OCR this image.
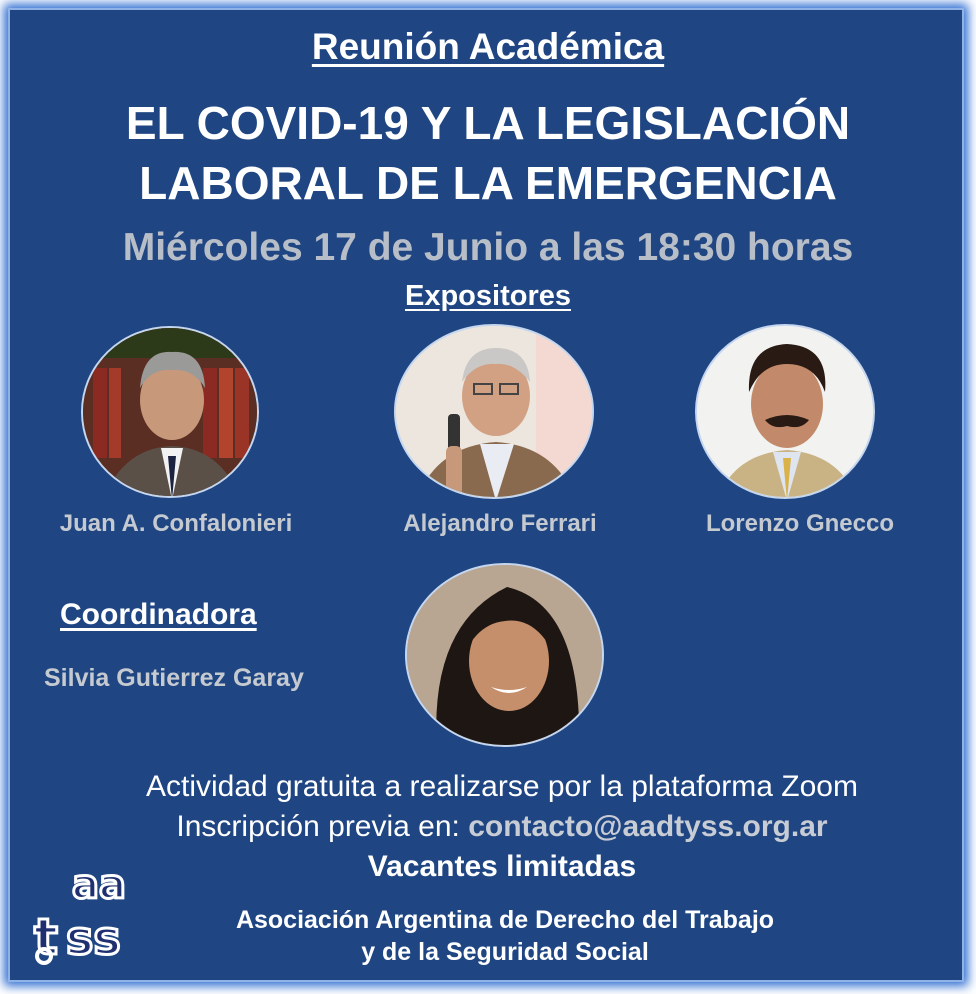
Reunión Académica
EL COVID-19 Y LA LEGISLACIÓN
LABORAL DE LA EMERGENCIA
Miércoles 17 de Junio a las 18:30 horas
Expositores
Juan A. Confalonieri	Alejandro Ferrari	Lorenzo Gnecco
Coordinadora
Silvia Gutierrez Garay
Actividad gratuita a realizarse por la plataforma Zoom
Inscripción previa en: contacto@aadtyss.org.ar
Vacantes limitadas
Asociación Argentina de Derecho del Trabajo
y de la Seguridad Social
aa
t ss
